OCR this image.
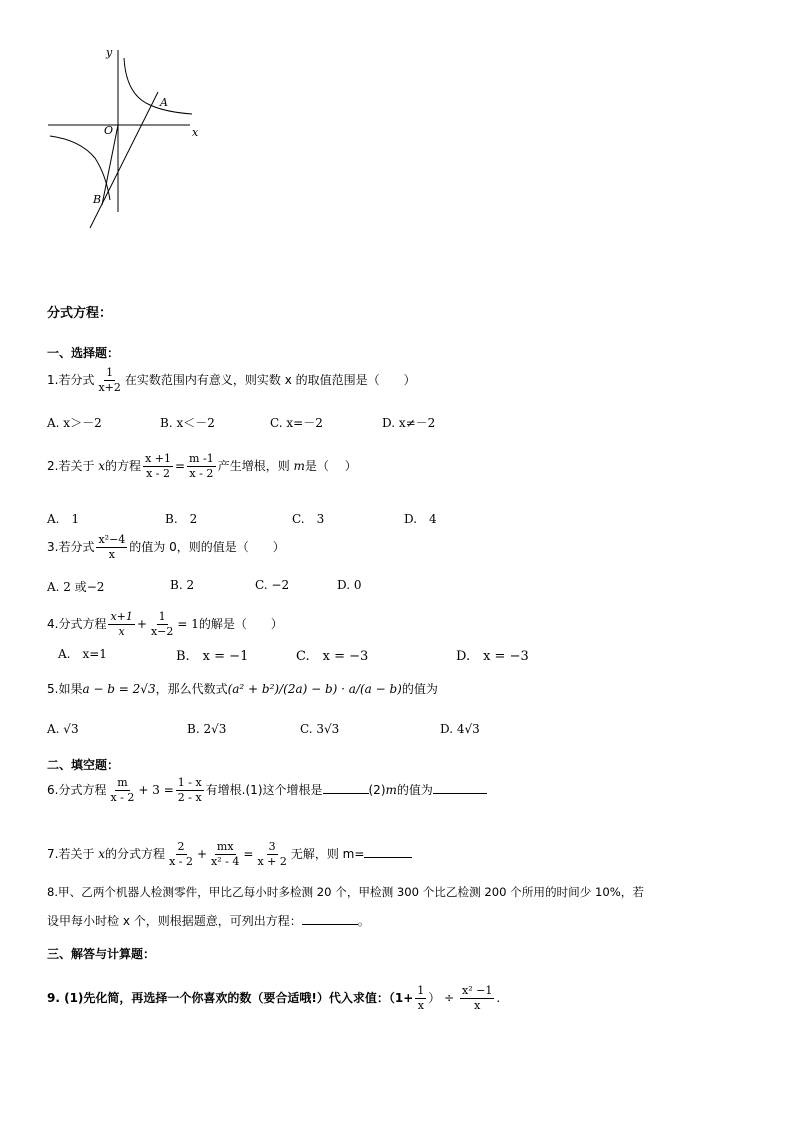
y
x
O
A
B
分式方程：
一、选择题：
1.若分式 $\frac{1}{x+2}$ 在实数范围内有意义，则实数 x 的取值范围是（　　）
A. x＞－2	B. x＜－2	C. x=－2	D. x≠－2
2.若关于 x的方程 $\frac{x +1}{x - 2} = \frac{m -1}{x - 2}$ 产生增根，则 m是（　 ）
A.　1	B.　2	C.　3	D.　4
3.若分式 $\frac{\text{x²−4}}{x}$ 的值为 0，则的值是（　　）
A. 2 或−2	B. 2	C. −2	D. 0
4.分式方程 $\frac{x+1}{x} + \frac{1}{x-2} = 1$的解是（　　）
A.　x=1	B.　x = −1	C.　x = −3	D.　x = −3
5.如果a − b = 2√3，那么代数式(a² + b²)/(2a) − b) · a/(a − b)的值为
A. √3	B. 2√3	C. 3√3	D. 4√3
二、填空题：
6.分式方程 $\frac{m}{x - 2} + 3 = \frac{1 - x}{2 - x}$ 有增根.(1)这个增根是	(2)m的值为
7.若关于 x的分式方程 $\frac{2}{x - 2} + \frac{mx}{\text{x² - 4}} = \frac{3}{x + 2}$ 无解，则 m=
8.甲、乙两个机器人检测零件，甲比乙每小时多检测 20 个，甲检测 300 个比乙检测 200 个所用的时间少 10%，若
设甲每小时检 x 个，则根据题意，可列出方程：	。
三、解答与计算题：
9. (1)先化简，再选择一个你喜欢的数（要合适哦!）代入求值：（$1+ \frac{1}{x}$ ） ÷ $\frac{\text{x² −1}}{x}$ .
